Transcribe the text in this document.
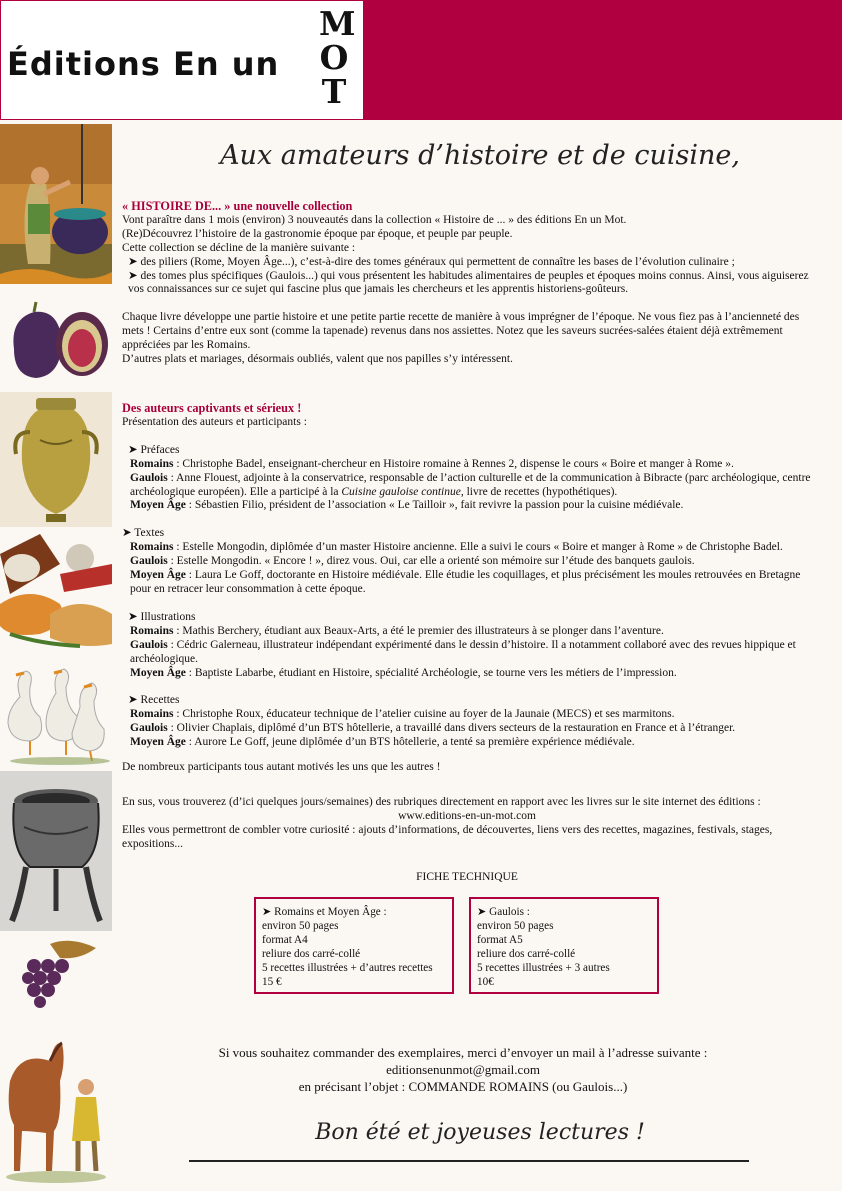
Éditions En un
M
O
T
Aux amateurs d’histoire et de cuisine,

« HISTOIRE DE... » une nouvelle collection

Vont paraître dans 1 mois (environ) 3 nouveautés dans la collection « Histoire de ... » des éditions En un Mot.

(Re)Découvrez l’histoire de la gastronomie époque par époque, et peuple par peuple.

Cette collection se décline de la manière suivante :

➤ des piliers (Rome, Moyen Âge...), c’est-à-dire des tomes généraux qui permettent de connaître les bases de l’évolution culinaire ;

➤ des tomes plus spécifiques (Gaulois...) qui vous présentent les habitudes alimentaires de peuples et époques moins connus. Ainsi, vous aiguiserez vos connaissances sur ce sujet qui fascine plus que jamais les chercheurs et les apprentis historiens-goûteurs.

Chaque livre développe une partie histoire et une petite partie recette de manière à vous imprégner de l’époque. Ne vous fiez pas à l’ancienneté des mets ! Certains d’entre eux sont (comme la tapenade) revenus dans nos assiettes. Notez que les saveurs sucrées-salées étaient déjà extrêmement appréciées par les Romains.

D’autres plats et mariages, désormais oubliés, valent que nos papilles s’y intéressent.

Des auteurs captivants et sérieux !

Présentation des auteurs et participants :

➤ Préfaces

Romains : Christophe Badel, enseignant-chercheur en Histoire romaine à Rennes 2, dispense le cours « Boire et manger à Rome ».

Gaulois : Anne Flouest, adjointe à la conservatrice, responsable de l’action culturelle et de la communication à Bibracte (parc archéologique, centre archéologique européen). Elle a participé à la Cuisine gauloise continue, livre de recettes (hypothétiques).

Moyen Âge : Sébastien Filio, président de l’association « Le Tailloir », fait revivre la passion pour la cuisine médiévale.

➤ Textes

Romains : Estelle Mongodin, diplômée d’un master Histoire ancienne. Elle a suivi le cours « Boire et manger à Rome » de Christophe Badel.

Gaulois : Estelle Mongodin. « Encore ! », direz vous. Oui, car elle a orienté son mémoire sur l’étude des banquets gaulois.

Moyen Âge : Laura Le Goff, doctorante en Histoire médiévale. Elle étudie les coquillages, et plus précisément les moules retrouvées en Bretagne pour en retracer leur consommation à cette époque.

➤ Illustrations

Romains : Mathis Berchery, étudiant aux Beaux-Arts, a été le premier des illustrateurs à se plonger dans l’aventure.

Gaulois : Cédric Galerneau, illustrateur indépendant expérimenté dans le dessin d’histoire. Il a notamment collaboré avec des revues hippique et archéologique.

Moyen Âge : Baptiste Labarbe, étudiant en Histoire, spécialité Archéologie, se tourne vers les métiers de l’impression.

➤ Recettes

Romains : Christophe Roux, éducateur technique de l’atelier cuisine au foyer de la Jaunaie (MECS) et ses marmitons.

Gaulois : Olivier Chaplais, diplômé d’un BTS hôtellerie, a travaillé dans divers secteurs de la restauration en France et à l’étranger.

Moyen Âge : Aurore Le Goff, jeune diplômée d’un BTS hôtellerie, a tenté sa première expérience médiévale.

De nombreux participants tous autant motivés les uns que les autres !

En sus, vous trouverez (d’ici quelques jours/semaines) des rubriques directement en rapport avec les livres sur le site internet des éditions :

www.editions-en-un-mot.com

Elles vous permettront de combler votre curiosité : ajouts d’informations, de découvertes, liens vers des recettes, magazines, festivals, stages, expositions...

FICHE TECHNIQUE
➤ Romains et Moyen Âge :
environ 50 pages
format A4
reliure dos carré-collé
5 recettes illustrées + d’autres recettes
15 €
➤ Gaulois :
environ 50 pages
format A5
reliure dos carré-collé
5 recettes illustrées + 3 autres
10€

Si vous souhaitez commander des exemplaires, merci d’envoyer un mail à l’adresse suivante :

editionsenunmot@gmail.com

en précisant l’objet : COMMANDE ROMAINS (ou Gaulois...)

Bon été et joyeuses lectures !
